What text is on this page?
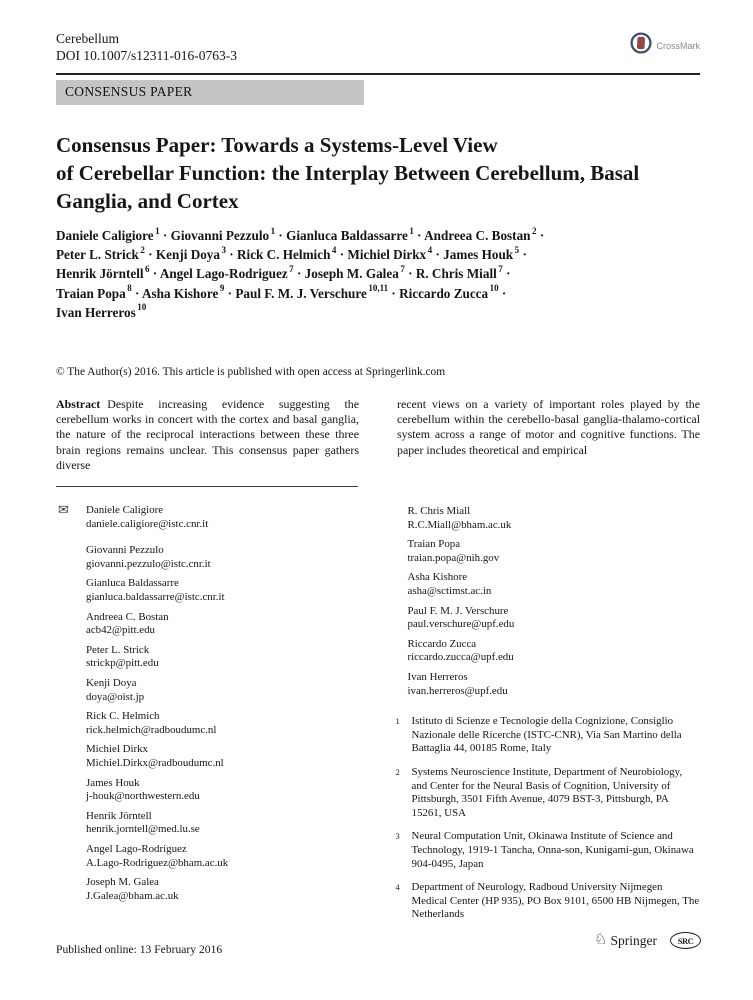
Cerebellum
DOI 10.1007/s12311-016-0763-3
CrossMark
CONSENSUS PAPER
Consensus Paper: Towards a Systems-Level View
of Cerebellar Function: the Interplay Between Cerebellum, Basal
Ganglia, and Cortex
Daniele Caligiore $^1$ · Giovanni Pezzulo $^1$ · Gianluca Baldassarre $^1$ · Andreea C. Bostan $^2$ ·
Peter L. Strick $^2$ · Kenji Doya $^3$ · Rick C. Helmich $^4$ · Michiel Dirkx $^4$ · James Houk $^5$ ·
Henrik Jörntell $^6$ · Angel Lago-Rodriguez $^7$ · Joseph M. Galea $^7$ · R. Chris Miall $^7$ ·
Traian Popa $^8$ · Asha Kishore $^9$ · Paul F. M. J. Verschure $^{10,11}$ · Riccardo Zucca $^{10}$ ·
Ivan Herreros $^{10}$
© The Author(s) 2016. This article is published with open access at Springerlink.com
Abstract Despite increasing evidence suggesting the cerebellum works in concert with the cortex and basal ganglia, the nature of the reciprocal interactions between these three brain regions remains unclear. This consensus paper gathers diverse
recent views on a variety of important roles played by the cerebellum within the cerebello-basal ganglia-thalamo-cortical system across a range of motor and cognitive functions. The paper includes theoretical and empirical
✉ Daniele Caligiore
daniele.caligiore@istc.cnr.it
Giovanni Pezzulo
giovanni.pezzulo@istc.cnr.it
Gianluca Baldassarre
gianluca.baldassarre@istc.cnr.it
Andreea C. Bostan
acb42@pitt.edu
Peter L. Strick
strickp@pitt.edu
Kenji Doya
doya@oist.jp
Rick C. Helmich
rick.helmich@radboudumc.nl
Michiel Dirkx
Michiel.Dirkx@radboudumc.nl
James Houk
j-houk@northwestern.edu
Henrik Jörntell
henrik.jorntell@med.lu.se
Angel Lago-Rodriguez
A.Lago-Rodriguez@bham.ac.uk
Joseph M. Galea
J.Galea@bham.ac.uk
R. Chris Miall
R.C.Miall@bham.ac.uk
Traian Popa
traian.popa@nih.gov
Asha Kishore
asha@sctimst.ac.in
Paul F. M. J. Verschure
paul.verschure@upf.edu
Riccardo Zucca
riccardo.zucca@upf.edu
Ivan Herreros
ivan.herreros@upf.edu
1	Istituto di Scienze e Tecnologie della Cognizione, Consiglio Nazionale delle Ricerche (ISTC-CNR), Via San Martino della Battaglia 44, 00185 Rome, Italy
2	Systems Neuroscience Institute, Department of Neurobiology, and Center for the Neural Basis of Cognition, University of Pittsburgh, 3501 Fifth Avenue, 4079 BST-3, Pittsburgh, PA 15261, USA
3	Neural Computation Unit, Okinawa Institute of Science and Technology, 1919-1 Tancha, Onna-son, Kunigami-gun, Okinawa 904-0495, Japan
4	Department of Neurology, Radboud University Nijmegen Medical Center (HP 935), PO Box 9101, 6500 HB Nijmegen, The Netherlands
Published online: 13 February 2016
♘ Springer SRC
